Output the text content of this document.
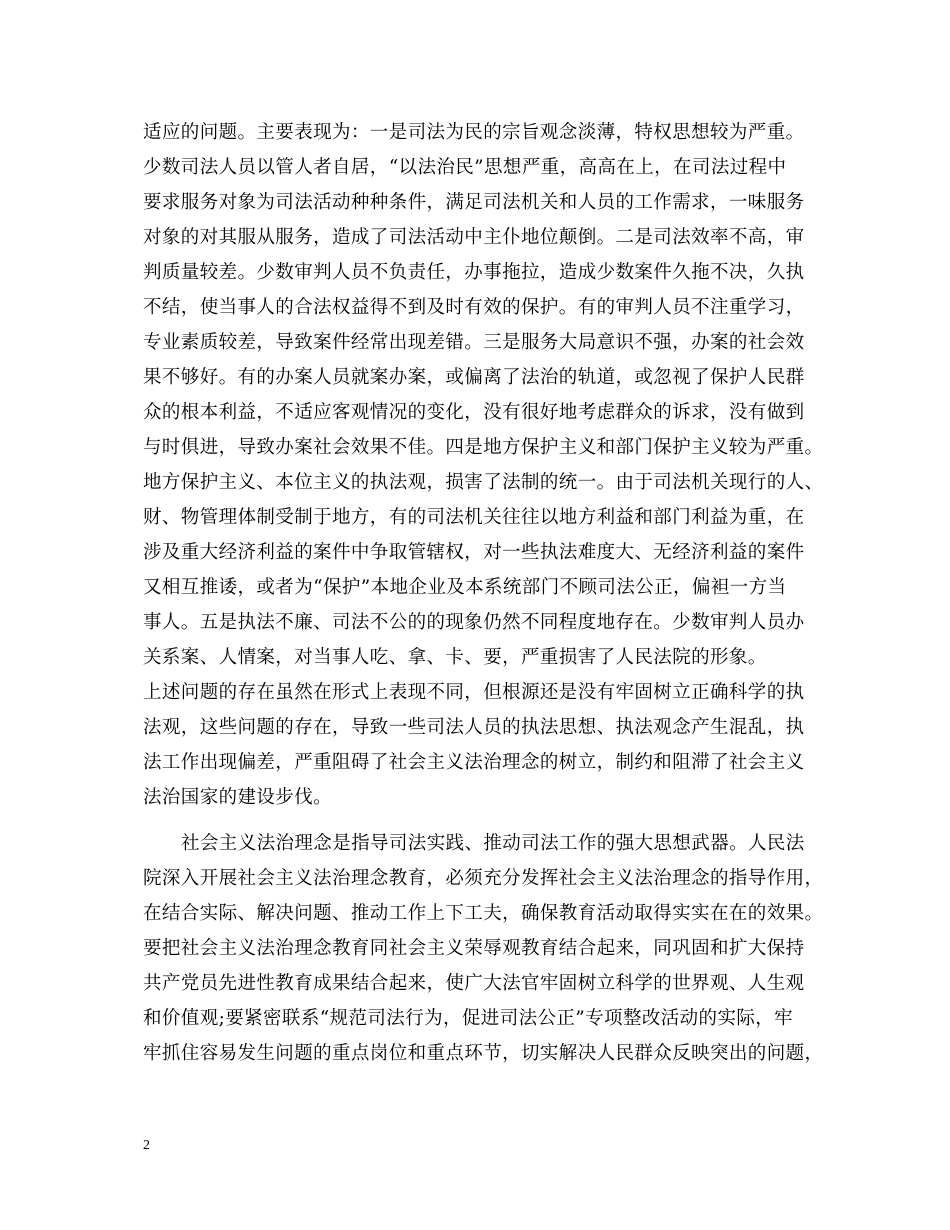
适应的问题。主要表现为：一是司法为民的宗旨观念淡薄，特权思想较为严重。
少数司法人员以管人者自居，“以法治民”思想严重，高高在上，在司法过程中
要求服务对象为司法活动种种条件，满足司法机关和人员的工作需求，一味服务
对象的对其服从服务，造成了司法活动中主仆地位颠倒。二是司法效率不高，审
判质量较差。少数审判人员不负责任，办事拖拉，造成少数案件久拖不决，久执
不结，使当事人的合法权益得不到及时有效的保护。有的审判人员不注重学习，
专业素质较差，导致案件经常出现差错。三是服务大局意识不强，办案的社会效
果不够好。有的办案人员就案办案，或偏离了法治的轨道，或忽视了保护人民群
众的根本利益，不适应客观情况的变化，没有很好地考虑群众的诉求，没有做到
与时俱进，导致办案社会效果不佳。四是地方保护主义和部门保护主义较为严重。
地方保护主义、本位主义的执法观，损害了法制的统一。由于司法机关现行的人、
财、物管理体制受制于地方，有的司法机关往往以地方利益和部门利益为重，在
涉及重大经济利益的案件中争取管辖权，对一些执法难度大、无经济利益的案件
又相互推诿，或者为“保护”本地企业及本系统部门不顾司法公正，偏袒一方当
事人。五是执法不廉、司法不公的的现象仍然不同程度地存在。少数审判人员办
关系案、人情案，对当事人吃、拿、卡、要，严重损害了人民法院的形象。
上述问题的存在虽然在形式上表现不同，但根源还是没有牢固树立正确科学的执
法观，这些问题的存在，导致一些司法人员的执法思想、执法观念产生混乱，执
法工作出现偏差，严重阻碍了社会主义法治理念的树立，制约和阻滞了社会主义
法治国家的建设步伐。
社会主义法治理念是指导司法实践、推动司法工作的强大思想武器。人民法
院深入开展社会主义法治理念教育，必须充分发挥社会主义法治理念的指导作用，
在结合实际、解决问题、推动工作上下工夫，确保教育活动取得实实在在的效果。
要把社会主义法治理念教育同社会主义荣辱观教育结合起来，同巩固和扩大保持
共产党员先进性教育成果结合起来，使广大法官牢固树立科学的世界观、人生观
和价值观;要紧密联系“规范司法行为，促进司法公正”专项整改活动的实际，牢
牢抓住容易发生问题的重点岗位和重点环节，切实解决人民群众反映突出的问题，
2
